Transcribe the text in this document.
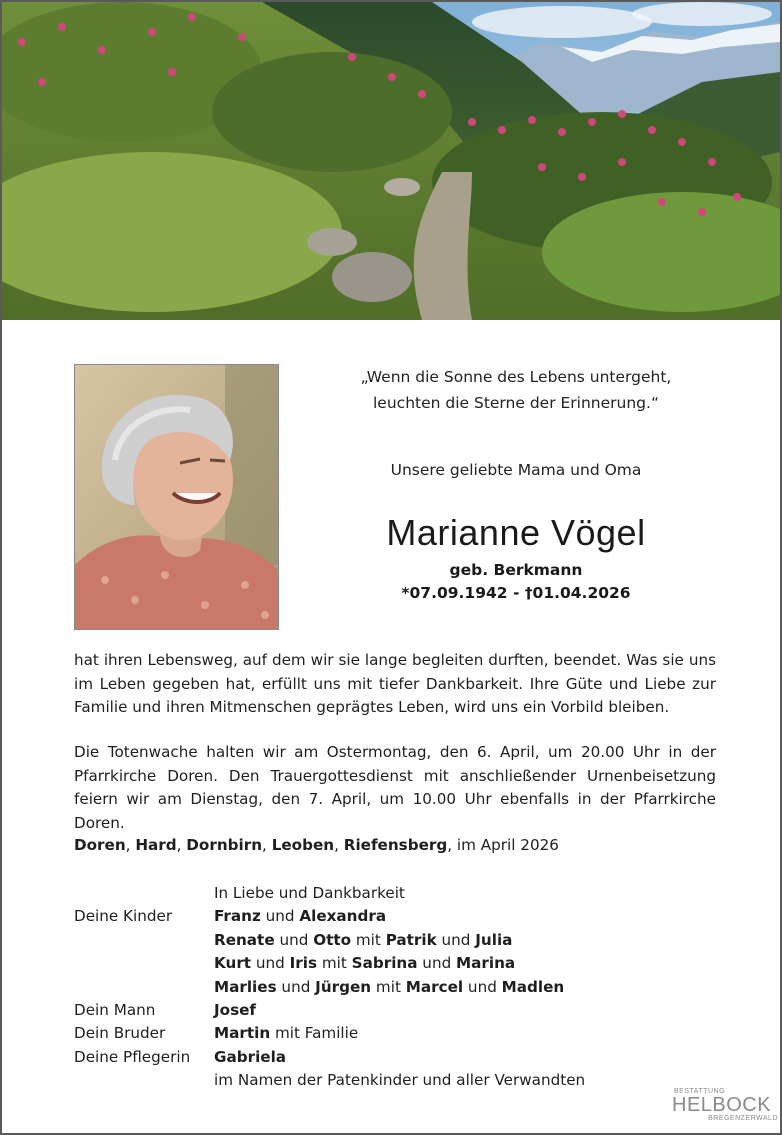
„Wenn die Sonne des Lebens untergeht,
leuchten die Sterne der Erinnerung.“
Unsere geliebte Mama und Oma
Marianne Vögel
geb. Berkmann
*07.09.1942 - †01.04.2026
hat ihren Lebensweg, auf dem wir sie lange begleiten durften, beendet. Was sie uns im Leben gegeben hat, erfüllt uns mit tiefer Dankbarkeit. Ihre Güte und Liebe zur Familie und ihren Mitmenschen geprägtes Leben, wird uns ein Vorbild bleiben.
Die Totenwache halten wir am Ostermontag, den 6. April, um 20.00 Uhr in der Pfarrkirche Doren. Den Trauergottesdienst mit anschließender Urnenbeisetzung feiern wir am Dienstag, den 7. April, um 10.00 Uhr ebenfalls in der Pfarrkirche Doren.
Doren, Hard, Dornbirn, Leoben, Riefensberg, im April 2026
In Liebe und Dankbarkeit
Deine Kinder	Franz und Alexandra
Renate und Otto mit Patrik und Julia
Kurt und Iris mit Sabrina und Marina
Marlies und Jürgen mit Marcel und Madlen
Dein Mann	Josef
Dein Bruder	Martin mit Familie
Deine Pflegerin	Gabriela
im Namen der Patenkinder und aller Verwandten
BESTATTUNG
HELBOCK
BREGENZERWALD
